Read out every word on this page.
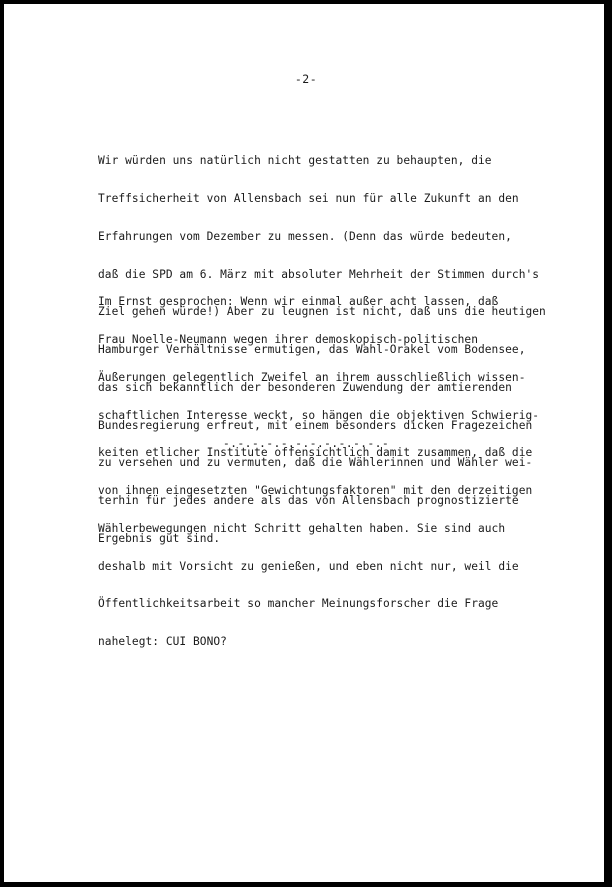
-2-

Wir würden uns natürlich nicht gestatten zu behaupten, die

Treffsicherheit von Allensbach sei nun für alle Zukunft an den

Erfahrungen vom Dezember zu messen. (Denn das würde bedeuten,

daß die SPD am 6. März mit absoluter Mehrheit der Stimmen durch's

Ziel gehen würde!) Aber zu leugnen ist nicht, daß uns die heutigen

Hamburger Verhältnisse ermutigen, das Wahl-Orakel vom Bodensee,

das sich bekanntlich der besonderen Zuwendung der amtierenden

Bundesregierung erfreut, mit einem besonders dicken Fragezeichen

zu versehen und zu vermuten, daß die Wählerinnen und Wähler wei-

terhin für jedes andere als das von Allensbach prognostizierte

Ergebnis gut sind.

Im Ernst gesprochen: Wenn wir einmal außer acht lassen, daß

Frau Noelle-Neumann wegen ihrer demoskopisch-politischen

Äußerungen gelegentlich Zweifel an ihrem ausschließlich wissen-

schaftlichen Interesse weckt, so hängen die objektiven Schwierig-

keiten etlicher Institute offensichtlich damit zusammen, daß die

von ihnen eingesetzten "Gewichtungsfaktoren" mit den derzeitigen

Wählerbewegungen nicht Schritt gehalten haben. Sie sind auch

deshalb mit Vorsicht zu genießen, und eben nicht nur, weil die

Öffentlichkeitsarbeit so mancher Meinungsforscher die Frage

nahelegt: CUI BONO?

-.-.-.-.-.-.-.-.-.-.-.-
